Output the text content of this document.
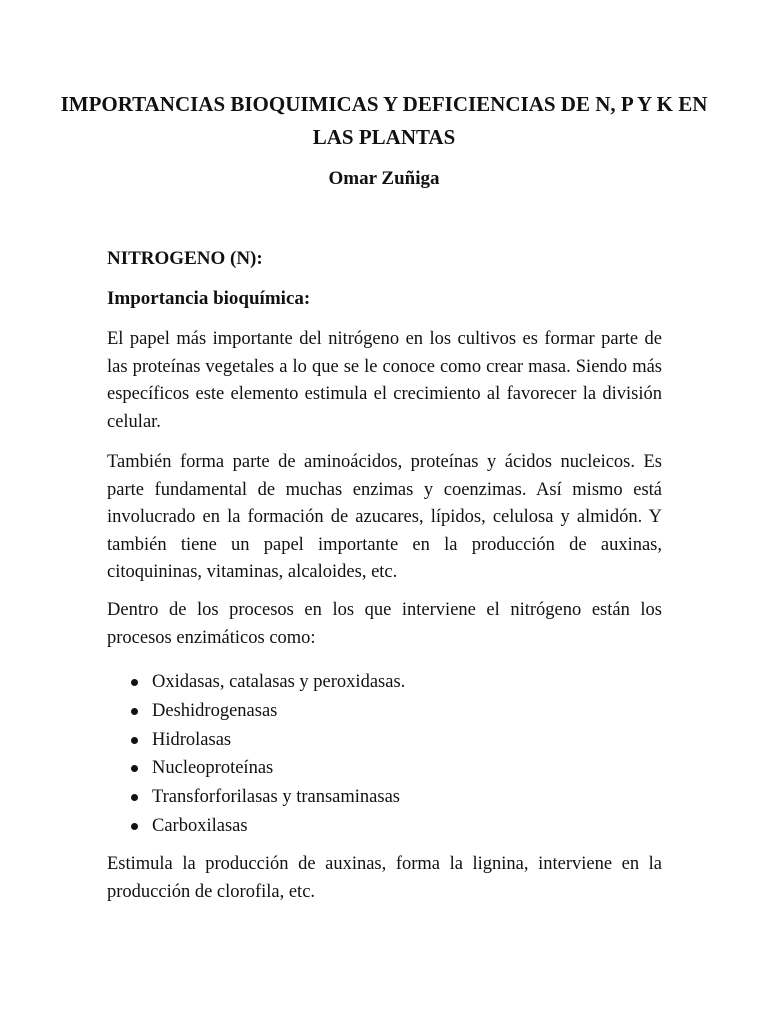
IMPORTANCIAS BIOQUIMICAS Y DEFICIENCIAS DE N, P Y K EN LAS PLANTAS

Omar Zuñiga

NITROGENO (N):
Importancia bioquímica:

El papel más importante del nitrógeno en los cultivos es formar parte de las proteínas vegetales a lo que se le conoce como crear masa. Siendo más específicos este elemento estimula el crecimiento al favorecer la división celular.

También forma parte de aminoácidos, proteínas y ácidos nucleicos. Es parte fundamental de muchas enzimas y coenzimas. Así mismo está involucrado en la formación de azucares, lípidos, celulosa y almidón. Y también tiene un papel importante en la producción de auxinas, citoquininas, vitaminas, alcaloides, etc.

Dentro de los procesos en los que interviene el nitrógeno están los procesos enzimáticos como:

Oxidasas, catalasas y peroxidasas.
Deshidrogenasas
Hidrolasas
Nucleoproteínas
Transforforilasas y transaminasas
Carboxilasas

Estimula la producción de auxinas, forma la lignina, interviene en la producción de clorofila, etc.
